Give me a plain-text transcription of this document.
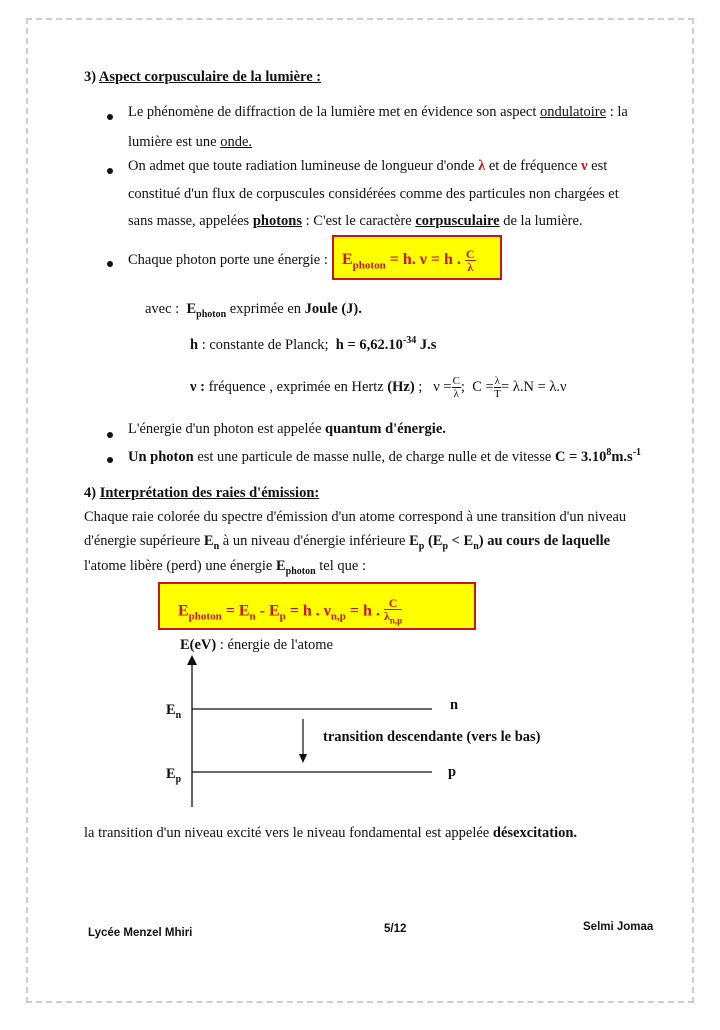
3) Aspect corpusculaire de la lumière :
Le phénomène de diffraction de la lumière met en évidence son aspect ondulatoire : la
lumière est une onde.
On admet que toute radiation lumineuse de longueur d'onde λ et de fréquence ν est
constitué d'un flux de corpuscules considérées comme des particules non chargées et
sans masse, appelées photons : C'est le caractère corpusculaire de la lumière.
Chaque photon porte une énergie : $E_{photon} = h$. ν = h . $\frac{C}{\lambda}$
avec : $E_{photon}$ exprimée en Joule (J).
h : constante de Planck; $h = 6,62.10^{-34}$ J.s
ν : fréquence , exprimée en Hertz (Hz) ; $\nu = \frac{C}{\lambda}$ ; $C = \frac{\lambda}{T} = \lambda.N = \lambda.\nu$
L'énergie d'un photon est appelée quantum d'énergie.
Un photon est une particule de masse nulle, de charge nulle et de vitesse $C = 3.10^8m.s^{-1}$
4) Interprétation des raies d'émission:
Chaque raie colorée du spectre d'émission d'un atome correspond à une transition d'un niveau
d'énergie supérieure $E_n$ à un niveau d'énergie inférieure $E_p$ $(E_p < E_n)$ au cours de laquelle
l'atome libère (perd) une énergie $E_{photon}$ tel que :
$E_{photon} = E_n - E_p = h$ . $\nu_{n,p} = h$ . $\frac{C}{\lambda_{n,p}}$
E(eV) : énergie de l'atome
$E_n$
n
transition descendante (vers le bas)
$E_p$	p
la transition d'un niveau excité vers le niveau fondamental est appelée désexcitation.
Lycée Menzel Mhiri	5/12	Selmi Jomaa
